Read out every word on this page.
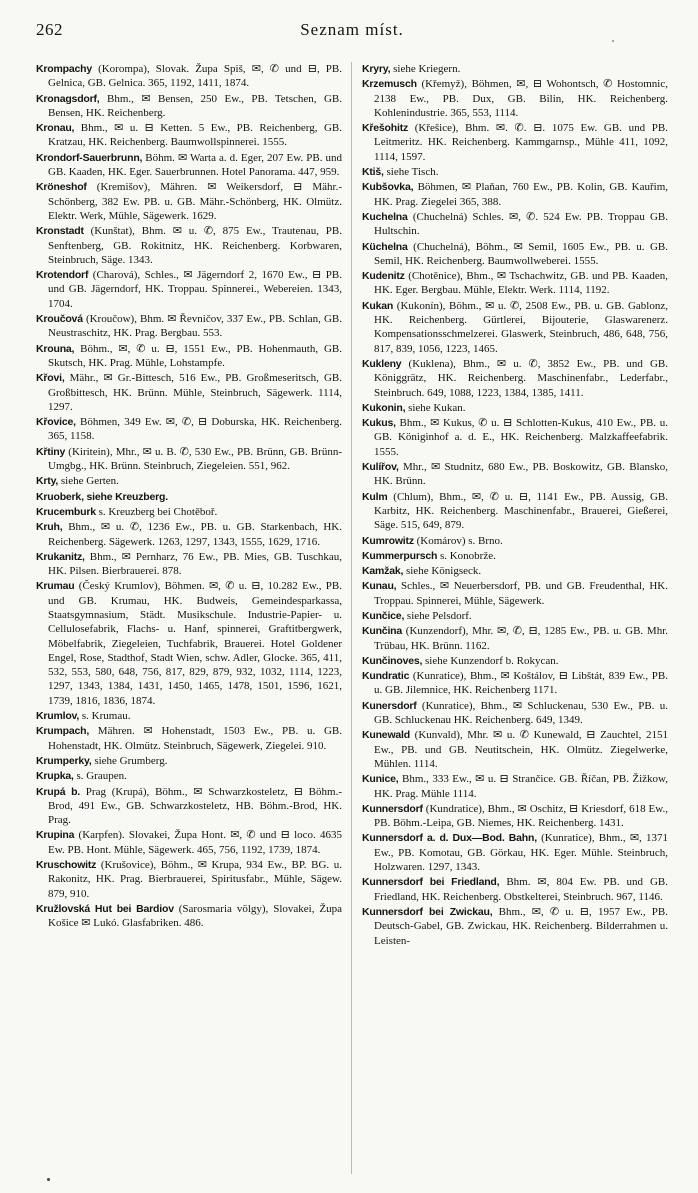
262	Seznam míst.

Krompachy (Korompa), Slovak. Župa Spiš, ✉, ✆ und ⊟, PB. Gelnica, GB. Gelnica. 365, 1192, 1411, 1874.

Kronagsdorf, Bhm., ✉ Bensen, 250 Ew., PB. Tetschen, GB. Bensen, HK. Reichenberg.

Kronau, Bhm., ✉ u. ⊟ Ketten. 5 Ew., PB. Reichenberg, GB. Kratzau, HK. Reichenberg. Baumwollspinnerei. 1555.

Krondorf-Sauerbrunn, Böhm. ✉ Warta a. d. Eger, 207 Ew. PB. und GB. Kaaden, HK. Eger. Sauerbrunnen. Hotel Panorama. 447, 959.

Kröneshof (Kremišov), Mähren. ✉ Weikersdorf, ⊟ Mähr.-Schönberg, 382 Ew. PB. u. GB. Mähr.-Schönberg, HK. Olmütz. Elektr. Werk, Mühle, Sägewerk. 1629.

Kronstadt (Kunštat), Bhm. ✉ u. ✆, 875 Ew., Trautenau, PB. Senftenberg, GB. Rokitnitz, HK. Reichenberg. Korbwaren, Steinbruch, Säge. 1343.

Krotendorf (Charová), Schles., ✉ Jägerndorf 2, 1670 Ew., ⊟ PB. und GB. Jägerndorf, HK. Troppau. Spinnerei., Webereien. 1343, 1704.

Kroučová (Kroučow), Bhm. ✉ Řevničov, 337 Ew., PB. Schlan, GB. Neustraschitz, HK. Prag. Bergbau. 553.

Krouna, Böhm., ✉, ✆ u. ⊟, 1551 Ew., PB. Hohenmauth, GB. Skutsch, HK. Prag. Mühle, Lohstampfe.

Křovi, Mähr., ✉ Gr.-Bittesch, 516 Ew., PB. Großmeseritsch, GB. Großbittesch, HK. Brünn. Mühle, Steinbruch, Sägewerk. 1114, 1297.

Křovice, Böhmen, 349 Ew. ✉, ✆, ⊟ Doburska, HK. Reichenberg. 365, 1158.

Křtiny (Kiritein), Mhr., ✉ u. B. ✆, 530 Ew., PB. Brünn, GB. Brünn-Umgbg., HK. Brünn. Steinbruch, Ziegeleien. 551, 962.

Krty, siehe Gerten.

Kruoberk, siehe Kreuzberg.

Krucemburk s. Kreuzberg bei Chotěboř.

Kruh, Bhm., ✉ u. ✆, 1236 Ew., PB. u. GB. Starkenbach, HK. Reichenberg. Sägewerk. 1263, 1297, 1343, 1555, 1629, 1716.

Krukanitz, Bhm., ✉ Pernharz, 76 Ew., PB. Mies, GB. Tuschkau, HK. Pilsen. Bierbrauerei. 878.

Krumau (Český Krumlov), Böhmen. ✉, ✆ u. ⊟, 10.282 Ew., PB. und GB. Krumau, HK. Budweis, Gemeindesparkassa, Staatsgymnasium, Städt. Musikschule. Industrie-Papier- u. Cellulosefabrik, Flachs- u. Hanf, spinnerei, Graftitbergwerk, Möbelfabrik, Ziegeleien, Tuchfabrik, Brauerei. Hotel Goldener Engel, Rose, Stadthof, Stadt Wien, schw. Adler, Glocke. 365, 411, 532, 553, 580, 648, 756, 817, 829, 879, 932, 1032, 1114, 1223, 1297, 1343, 1384, 1431, 1450, 1465, 1478, 1501, 1596, 1621, 1739, 1816, 1836, 1874.

Krumlov, s. Krumau.

Krumpach, Mähren. ✉ Hohenstadt, 1503 Ew., PB. u. GB. Hohenstadt, HK. Olmütz. Steinbruch, Sägewerk, Ziegelei. 910.

Krumperky, siehe Grumberg.

Krupka, s. Graupen.

Krupá b. Prag (Krupá), Böhm., ✉ Schwarzkosteletz, ⊟ Böhm.-Brod, 491 Ew., GB. Schwarzkosteletz, HB. Böhm.-Brod, HK. Prag.

Krupina (Karpfen). Slovakei, Župa Hont. ✉, ✆ und ⊟ loco. 4635 Ew. PB. Hont. Mühle, Sägewerk. 465, 756, 1192, 1739, 1874.

Kruschowitz (Krušovice), Böhm., ✉ Krupa, 934 Ew., BP. BG. u. Rakonitz, HK. Prag. Bierbrauerei, Spiritusfabr., Mühle, Sägew. 879, 910.

Kružlovská Hut bei Bardiov (Sarosmaria völgy), Slovakei, Župa Košice ✉ Lukó. Glasfabriken. 486.

Kryry, siehe Kriegern.

Krzemusch (Křemyž), Böhmen, ✉, ⊟ Wohontsch, ✆ Hostomnic, 2138 Ew., PB. Dux, GB. Bilin, HK. Reichenberg. Kohlenindustrie. 365, 553, 1114.

Křešohitz (Křešice), Bhm. ✉. ✆. ⊟. 1075 Ew. GB. und PB. Leitmeritz. HK. Reichenberg. Kammgarnsp., Mühle 411, 1092, 1114, 1597.

Ktiš, siehe Tisch.

Kubšovka, Böhmen, ✉ Plaňan, 760 Ew., PB. Kolin, GB. Kauřim, HK. Prag. Ziegelei 365, 388.

Kuchelna (Chuchelná) Schles. ✉, ✆. 524 Ew. PB. Troppau GB. Hultschin.

Küchelna (Chuchelná), Böhm., ✉ Semil, 1605 Ew., PB. u. GB. Semil, HK. Reichenberg. Baumwollweberei. 1555.

Kudenitz (Chotěnice), Bhm., ✉ Tschachwitz, GB. und PB. Kaaden, HK. Eger. Bergbau. Mühle, Elektr. Werk. 1114, 1192.

Kukan (Kukonín), Böhm., ✉ u. ✆, 2508 Ew., PB. u. GB. Gablonz, HK. Reichenberg. Gürtlerei, Bijouterie, Glaswarenerz. Kompensationsschmelzerei. Glaswerk, Steinbruch, 486, 648, 756, 817, 839, 1056, 1223, 1465.

Kukleny (Kuklena), Bhm., ✉ u. ✆, 3852 Ew., PB. und GB. Königgrätz, HK. Reichenberg. Maschinenfabr., Lederfabr., Steinbruch. 649, 1088, 1223, 1384, 1385, 1411.

Kukonin, siehe Kukan.

Kukus, Bhm., ✉ Kukus, ✆ u. ⊟ Schlotten-Kukus, 410 Ew., PB. u. GB. Königinhof a. d. E., HK. Reichenberg. Malzkaffeefabrik. 1555.

Kulířov, Mhr., ✉ Studnitz, 680 Ew., PB. Boskowitz, GB. Blansko, HK. Brünn.

Kulm (Chlum), Bhm., ✉, ✆ u. ⊟, 1141 Ew., PB. Aussig, GB. Karbitz, HK. Reichenberg. Maschinenfabr., Brauerei, Gießerei, Säge. 515, 649, 879.

Kumrowitz (Komárov) s. Brno.

Kummerpursch s. Konobrže.

Kamžak, siehe Königseck.

Kunau, Schles., ✉ Neuerbersdorf, PB. und GB. Freudenthal, HK. Troppau. Spinnerei, Mühle, Sägewerk.

Kunčice, siehe Pelsdorf.

Kunčina (Kunzendorf), Mhr. ✉, ✆, ⊟, 1285 Ew., PB. u. GB. Mhr. Trübau, HK. Brünn. 1162.

Kunčinoves, siehe Kunzendorf b. Rokycan.

Kundratic (Kunratice), Bhm., ✉ Koštálov, ⊟ Libštát, 839 Ew., PB. u. GB. Jilemnice, HK. Reichenberg 1171.

Kunersdorf (Kunratice), Bhm., ✉ Schluckenau, 530 Ew., PB. u. GB. Schluckenau HK. Reichenberg. 649, 1349.

Kunewald (Kunvald), Mhr. ✉ u. ✆ Kunewald, ⊟ Zauchtel, 2151 Ew., PB. und GB. Neutitschein, HK. Olmütz. Ziegelwerke, Mühlen. 1114.

Kunice, Bhm., 333 Ew., ✉ u. ⊟ Strančice. GB. Říčan, PB. Žižkow, HK. Prag. Mühle 1114.

Kunnersdorf (Kundratice), Bhm., ✉ Oschitz, ⊟ Kriesdorf, 618 Ew., PB. Böhm.-Leipa, GB. Niemes, HK. Reichenberg. 1431.

Kunnersdorf a. d. Dux—Bod. Bahn, (Kunratice), Bhm., ✉, 1371 Ew., PB. Komotau, GB. Görkau, HK. Eger. Mühle. Steinbruch, Holzwaren. 1297, 1343.

Kunnersdorf bei Friedland, Bhm. ✉, 804 Ew. PB. und GB. Friedland, HK. Reichenberg. Obstkelterei, Steinbruch. 967, 1146.

Kunnersdorf bei Zwickau, Bhm., ✉, ✆ u. ⊟, 1957 Ew., PB. Deutsch-Gabel, GB. Zwickau, HK. Reichenberg. Bilderrahmen u. Leisten-
